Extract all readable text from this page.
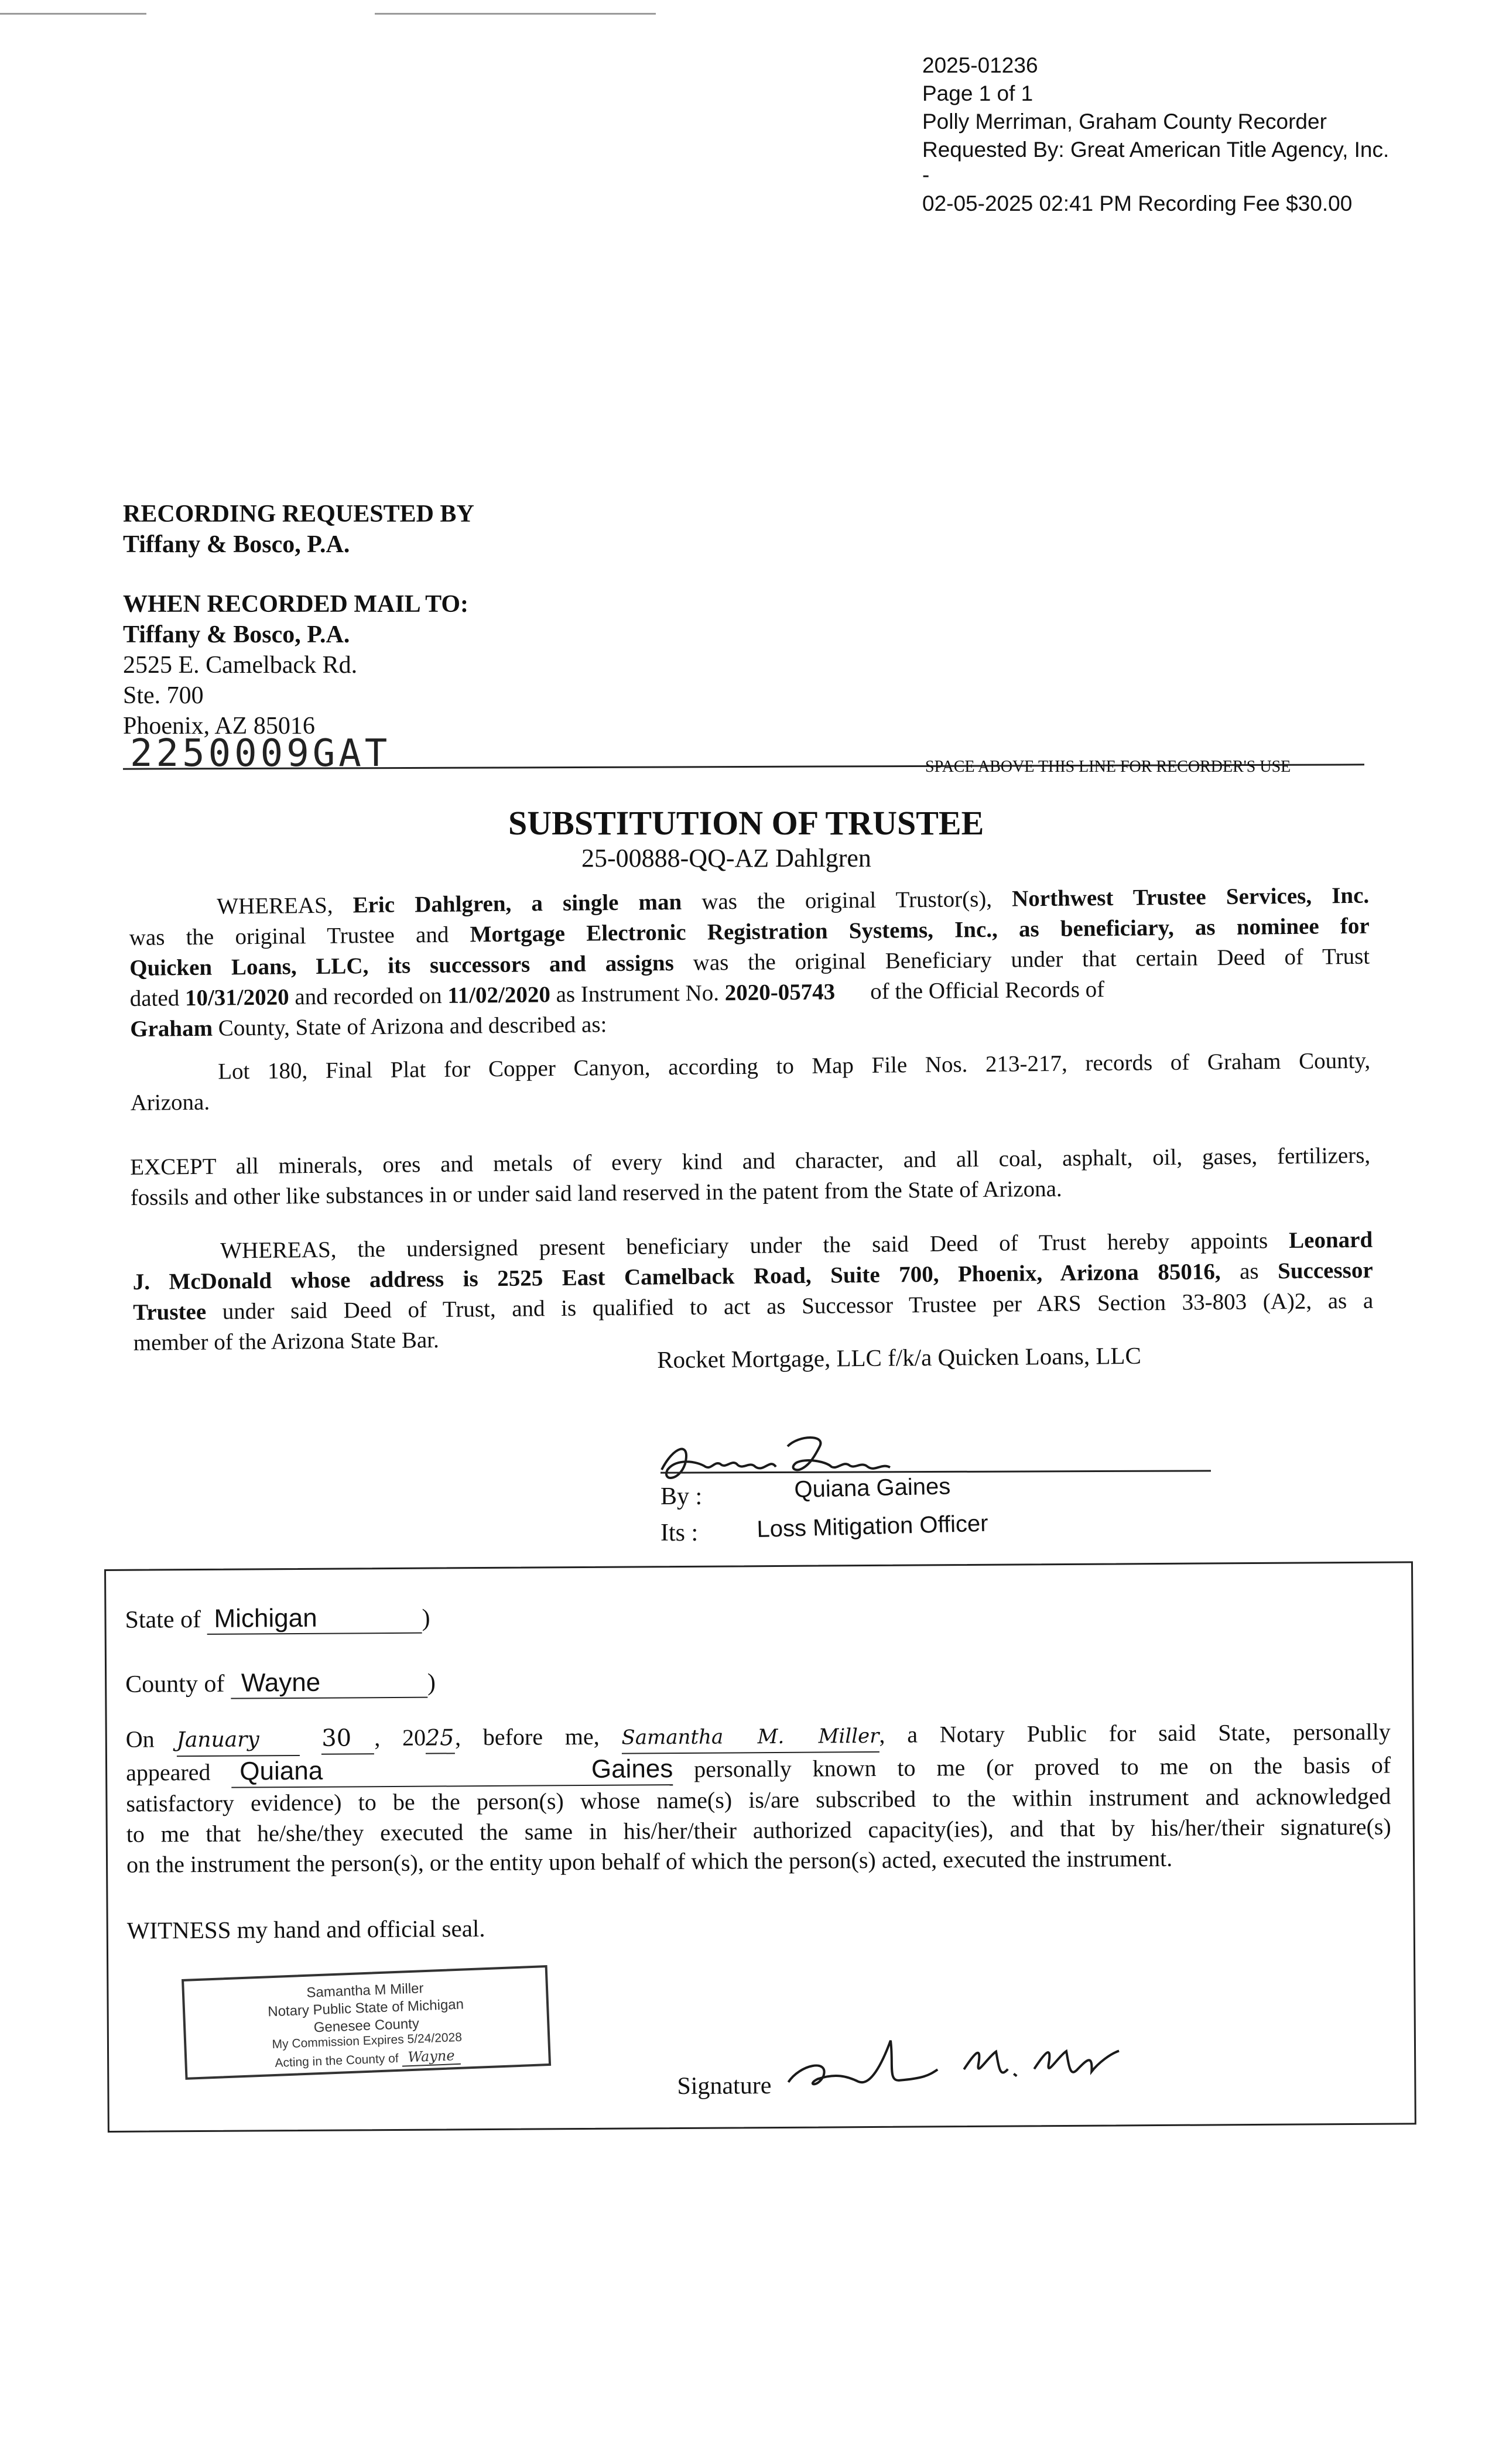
2025-01236
Page 1 of 1
Polly Merriman, Graham County Recorder
Requested By: Great American Title Agency, Inc.
-
02-05-2025 02:41 PM Recording Fee $30.00
RECORDING REQUESTED BY
Tiffany & Bosco, P.A.
WHEN RECORDED MAIL TO:
Tiffany & Bosco, P.A.
2525 E. Camelback Rd.
Ste. 700
Phoenix, AZ 85016
2250009GAT	SPACE ABOVE THIS LINE FOR RECORDER'S USE
SUBSTITUTION OF TRUSTEE
25-00888-QQ-AZ Dahlgren
WHEREAS, Eric Dahlgren, a single man was the original Trustor(s), Northwest Trustee Services, Inc.
was the original Trustee and Mortgage Electronic Registration Systems, Inc., as beneficiary, as nominee for
Quicken Loans, LLC, its successors and assigns was the original Beneficiary under that certain Deed of Trust
dated 10/31/2020 and recorded on 11/02/2020 as Instrument No. 2020-05743 of the Official Records of
Graham County, State of Arizona and described as:
Lot 180, Final Plat for Copper Canyon, according to Map File Nos. 213-217, records of Graham County,
Arizona.
EXCEPT all minerals, ores and metals of every kind and character, and all coal, asphalt, oil, gases, fertilizers,
fossils and other like substances in or under said land reserved in the patent from the State of Arizona.
WHEREAS, the undersigned present beneficiary under the said Deed of Trust hereby appoints Leonard
J. McDonald whose address is 2525 East Camelback Road, Suite 700, Phoenix, Arizona 85016, as Successor
Trustee under said Deed of Trust, and is qualified to act as Successor Trustee per ARS Section 33-803 (A)2, as a
member of the Arizona State Bar.
Rocket Mortgage, LLC f/k/a Quicken Loans, LLC
By :	Quiana Gaines
Its : Loss Mitigation Officer
State of Michigan	)
County of Wayne	)
On January	30 , 2025, before me, Samantha M. Miller, a Notary Public for said State, personally
appeared Quiana Gaines personally known to me (or proved to me on the basis of
satisfactory evidence) to be the person(s) whose name(s) is/are subscribed to the within instrument and acknowledged
to me that he/she/they executed the same in his/her/their authorized capacity(ies), and that by his/her/their signature(s)
on the instrument the person(s), or the entity upon behalf of which the person(s) acted, executed the instrument.
WITNESS my hand and official seal.
Signature
Samantha M Miller
Notary Public State of Michigan
Genesee County
My Commission Expires 5/24/2028
Acting in the County of Wayne
